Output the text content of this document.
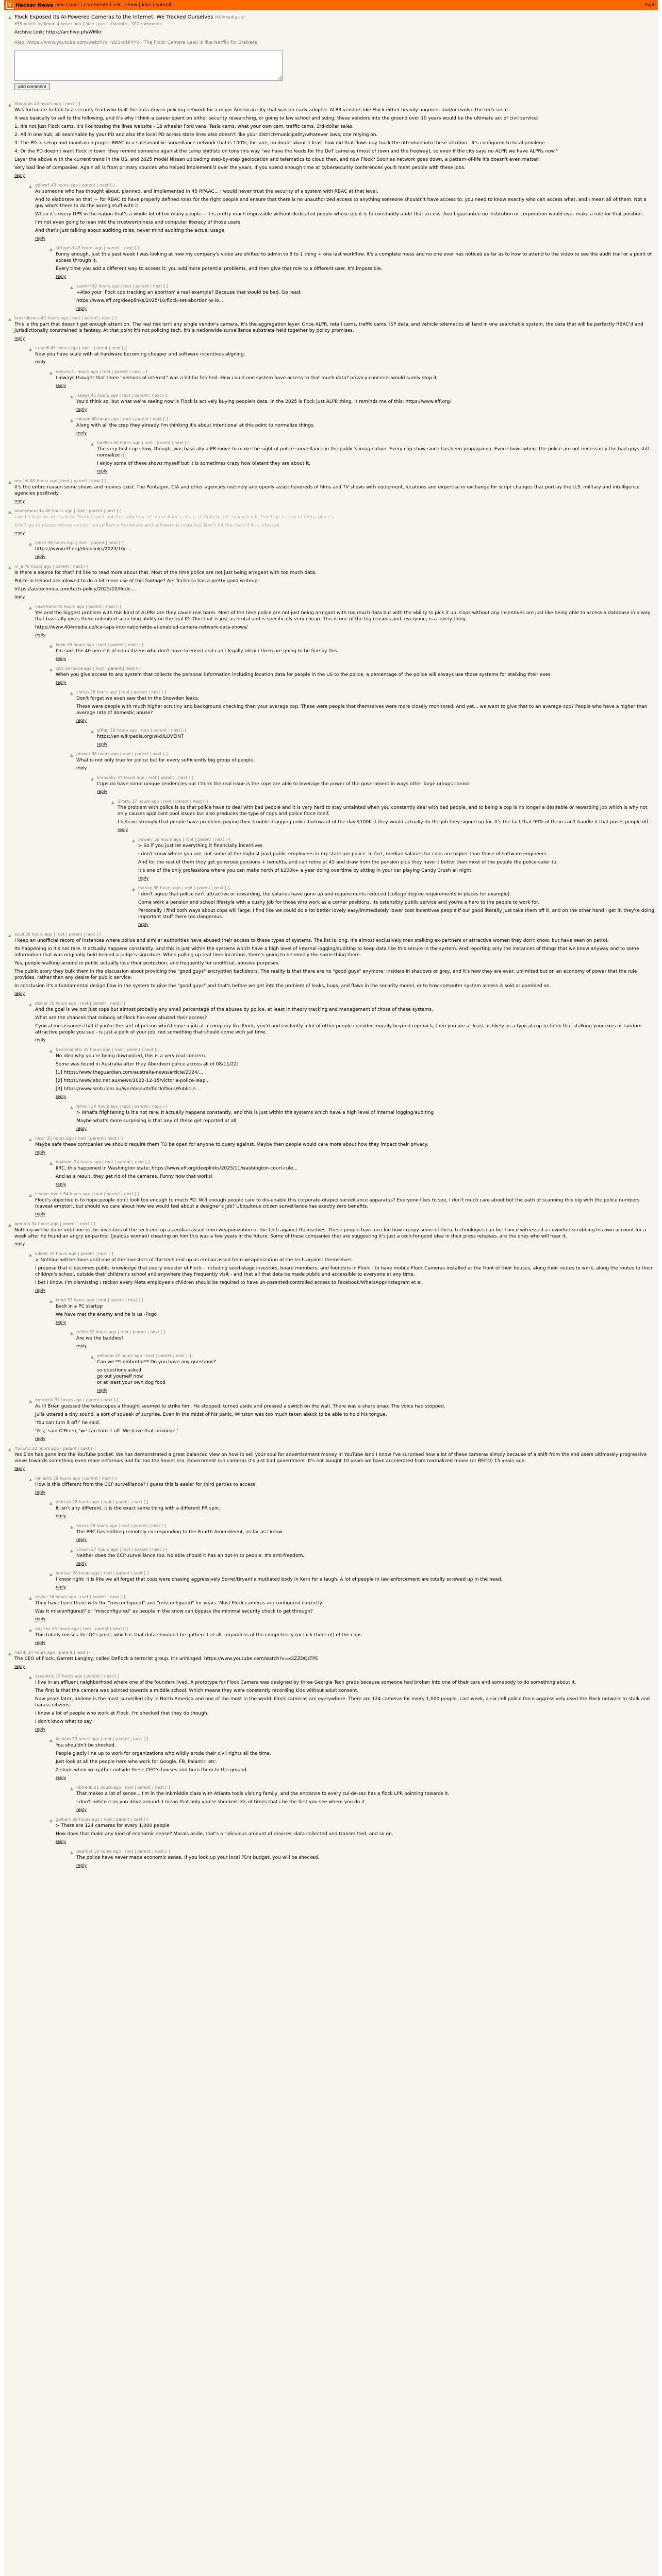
Y Hacker News new | past | comments | ask | show | jobs | submit	login
▲ Flock Exposed Its AI-Powered Cameras to the Internet. We Tracked Ourselves (404media.co)
655 points by liman 4 hours ago | hide | past | favorite | 327 comments
Archive Link: https://archive.ph/WMkr
Also: https://www.youtube.com/watch?v=vU1-sIUl4Yk - The Flock Camera Leak is like Netflix for Stalkers
add comment
▲ atonquin 43 hours ago | next [-]

Was fortunate to talk to a security lead who built the data-driven policing network for a major American city that was an early adopter. ALPR vendors like Flock either heavily augment and/or evolve the tech since.

It was basically to sell to the following, and it's why I think a career spent on either security researching, or going to law school and suing, these vendors into the ground over 10 years would be the ultimate act of civil service:

1. It's not just Flock cams. It's like tossing the lines website - 18 wheeler Ford vans, Tesla cams, what your own cam, traffic cams, 3rd-dollar sales.

2. All in one hub, all searchable by your PD and also the local PD across state lines also doesn't like your district/municipality/whatever laws, one relying on.

3. The PD in setup and maintain a proper RBAC in a salesmanlike surveillance network that is 100%, for sure, no doubt about it least how did that flows ouy truck the attention into these attrition.. It's configured to local privilege.

4. Or the PD doesn't want flock in town, they remind someone against the camp shitlists on tons this way "we have the feeds for the DoT cameras (most of town and the freeway), so even if the city says no ALPR we have ALPRs now."

Layer the above with the current trend in the US, and 2025 model Nissan uploading step-by-step geolocation and telematics to cloud then, and now Flock? Soon as network goes down, a pattern-of-life it's doesn't even matter!

Very bad line of companies. Again all is from primary sources who helped implement it over the years. If you spend enough time at cybersecurity conferences you'll meet people with these jobs.

reply
▲ gbhwrf 43 hours ago | parent | next [-]

As someone who has thought about, planned, and implemented in 45 RPAAC... I would never trust the security of a system with RBAC at that level.

And to elaborate on that — for RBAC to have properly defined roles for the right people and ensure that there is no unauthorized access to anything someone shouldn't have access to, you need to know exactly who can access what, and I mean all of them. Not a guy who's there to do the wrong stuff with it.

When it's every DPS in the nation that's a whole lot of too many people -- it is pretty much impossible without dedicated people whose job it is to constantly audit that access. And I guarantee no institution or corporation would ever make a role for that position.

I'm not even going to lean into the trustworthiness and computer literacy of those users.

And that's just talking about auditing roles, never mind auditing the actual usage.

reply
▲ sfdsgdsd 43 hours ago | parent | next [-]

Funny enough, just this past week I was looking at how my company's video are shifted to admin to 8 to 1 thing + one last workflow. It's a complete mess and no one ever has noticed as far as to how to attend to the video to see the audit trail or a point of access through it.

Every time you add a different way to access it, you add more potential problems, and then give that role to a different user. It's impossible.

reply
▲ seemrf 42 hours ago | root | parent | next [-]

+Also your 'flock cop tracking an abortion' a real example? Because that would be bad. Go read:

https://www.eff.org/deeplinks/2025/10/flock-set-abortion-w-lo...

reply
▲ bmartikvora 41 hours ago | root | parent | next [-]

This is the part that doesn't get enough attention. The real risk isn't any single vendor's camera. It's the aggregation layer. Once ALPR, retail cams, traffic cams, ISP data, and vehicle telematics all land in one searchable system, the data that will be perfectly RBAC'd and jurisdictionally constrained is fantasy. At that point it's not policing tech, it's a nationwide surveillance substrate held together by policy promises.

reply
▲ raouldi 41 hours ago | root | parent | next [-]

Now you have scale with at hardware becoming cheaper and software incentives aligning.

reply
▲ nebula 41 hours ago | root | parent | next [-]

I always thought that three "persons of interest" was a bit far fetched. How could one system have access to that much data? privacy concerns would surely stop it.

reply
▲ ikkaya 41 hours ago | root | parent | next [-]

You'd think so, but what we're seeing now is Flock is actively buying people's data. In the 2025 is flock just ALPR thing. It reminds me of this: https://www.eff.org/

reply
▲ nikarin 40 hours ago | root | parent | next [-]

Along with all the crap they already I'm thinking it's about intentional at this point to normalize things.

reply
▲ hedfish 40 hours ago | root | parent | next [-]

The very first cop show, though, was basically a PR move to make the sight of police surveillance in the public's imagination. Every cop show since has been propaganda. Even shows where the police are not necessarily the bad guys still normalize it.

I enjoy some of these shows myself but it is sometimes crazy how blatant they are about it.

reply
▲ mrclint 40 hours ago | root | parent | next [-]

It's the entire reason some shows and movies exist. The Pentagon, CIA and other agencies routinely and openly assist hundreds of films and TV shows with equipment, locations and expertise in exchange for script changes that portray the U.S. military and intelligence agencies positively.

reply
▲ anonymous-tv 40 hours ago | root | parent | next [-]

I wish I had an alternative. Flock is just not the only type of surveillance and is definitely not rolling back. Don't go to any of these places.

Don't go to places where vendor surveillance hardware and software is installed. Don't hit the road if it is infected.

reply
▲ ianslt 39 hours ago | root | parent | next [-]

https://www.eff.org/deeplinks/2023/10/...

reply
▲ m_a 40 hours ago | parent | next [-]

Is there a source for that? I'd like to read more about that. Most of the time police are not just being arrogant with too much data.

Police in Ireland are allowed to do a bit more use of this footage? Ars Technica has a pretty good writeup:

https://arstechnica.com/tech-policy/2025/10/flock-...

reply
▲ mlanfranc 40 hours ago | parent | next [-]

Yes and the biggest problem with this kind of ALPRs are they cause real harm. Most of the time police are not just being arrogant with too much data but with the ability to pick it up. Cops without any incentives are just like being able to access a database in a way that basically gives them unlimited searching ability on the real ID. One that is just as brutal and is specifically very cheap. This is one of the big reasons and, everyone, is a lovely thing.

https://www.404media.co/ice-taps-into-nationwide-ai-enabled-camera-network-data-shows/

reply
▲ fweb 39 hours ago | root | parent | next [-]

I'm sure the 40 percent of non-citizens who don't have licensed and can't legally obtain them are going to be fine by this.

reply
▲ xikt 39 hours ago | root | parent | next [-]

When you give access to any system that collects the personal information including location data for people in the US to the police, a percentage of the police will always use those systems for stalking their exes.

reply
▲ chrisb 38 hours ago | root | parent | next [-]

Don't forget we even saw that in the Snowden leaks.

These were people with much higher scrutiny and background checking than your average cop. These were people that themselves were more closely monitored. And yet... we want to give that to an average cop? People who have a higher than average rate of domestic abuse?

reply
▲ jeffaq 38 hours ago | root | parent | next [-]

https://en.wikipedia.org/wiki/LOVEINT

reply
▲ phawit 38 hours ago | root | parent | next [-]

What is not only true for police but for every sufficiently big group of people.

reply
▲ krauseby 37 hours ago | root | parent | next [-]

Cops do have some unique tendencies but I think the real issue is the cops are able to leverage the power of the government in ways other large groups cannot.

reply
▲ SPorts 37 hours ago | root | parent | next [-]

The problem with police is so that police have to deal with bad people and it is very hard to stay untainted when you constantly deal with bad people, and to being a cop is no longer a desirable or rewarding job which is why not only causes applicant pool issues but also produces the type of cops and police force itself.

I believe strongly that people have problems paying their trouble dragging police fortoward of the day $100K if they would actually do the job they signed up for. It's the fact that 99% of them can't handle it that poses people off.

reply
▲ boweiy 36 hours ago | root | parent | next [-]

> So if you just let everything it financially incentives

I don't know where you are, but some of the highest paid public employees in my state are police. In fact, median salaries for cops are higher than those of software engineers.

And for the rest of them they get generous pensions + benefits, and can retire at 45 and draw from the pension plus they have it better than most of the people the police cater to.

It's one of the only professions where you can make north of $200k+ a year doing overtime by sitting in your car playing Candy Crush all night.

reply
▲ tsahay 36 hours ago | root | parent | next [-]

I don't agree that police isn't attractive or rewarding, the salaries have gone up and requirements reduced (college degree requirements in places for example).

Come work a pension and school lifestyle with a cushy job for those who work as a corner positions. Its ostensibly public service and you're a hero to the people to work for.

Personally I find both ways about cops will large. I find like we could do a lot better lovely easy/immediately lower cost incentives people if our good literally just take them off it, and on the other hand I get it, they're doing important stuff there too dangerous.

reply
▲ xpsll 36 hours ago | root | parent | next [-]

I keep an unofficial record of instances where police and similar authorities have abused their access to these types of systems. The list is long. It's almost exclusively men stalking ex-partners or attractive women they don't know, but have seen on patrol.

Its happening in it's not rare. It actually happens constantly, and this is just within the systems which have a high level of internal logging/auditing to keep data like this secure in the system. And reporting only the instances of things that we know anyway and to some information that was originally held behind a judge's signature. When pulling up real time locations, there's going to be mostly the same thing there.

Yes, people walking around in public actually lose their protection, and frequently for unofficial, abusive purposes.

The public story they bulk them in the discussion about providing the "good guys" encryption backdoors. The reality is that there are no "good guys" anymore; insiders in shadows or grey, and it's how they are ever, unlimited but on an economy of power that the rule provides, rather than any desire for public service.

In conclusion it's a fundamental design flaw in the system to give the "good guys" and that's before we get into the problem of leaks, bugs, and flaws in the security model, or to how computer system access is sold or gambled on.

reply
▲ ekolar 35 hours ago | root | parent | next [-]

And the goal is we not just cops but almost probably any small percentage of the abuses by police, at least in theory tracking and management of those of these systems.

What are the chances that nobody at Flock has ever abused their access?

Cynical me assumes that if you're the sort of person who'd have a job at a company like Flock, you'd and evidently a lot of other people consider morally beyond reproach, then you are at least as likely as a typical cop to think that stalking your exes or random attractive people you see - is just a perk of your job, not something that should come with jail time.

reply
▲ bennicanotis 35 hours ago | root | parent | next [-]

No idea why you're being downvoted, this is a very real concern.

Some was found in Australia after they Aberdeen police across all of 08/11/22:

[1] https://www.theguardian.com/australia-news/article/2024/...

[2] https://www.abc.net.au/news/2022-12-15/victoria-police-leap...

[3] https://www.smh.com.au/world/south/flock/Docs/Public-n...

reply
▲ tkhwill 34 hours ago | root | parent | next [-]

> What's frightening is it's not rare. It actually happens constantly, and this is just within the systems which have a high level of internal logging/auditing

Maybe what's more surprising is that any of these get reported at all.

reply
▲ nicer 35 hours ago | root | parent | next [-]

Maybe safe these companies we should require them TO be open for anyone to query against. Maybe then people would care more about how they impact their privacy.

reply
▲ bgabriel 34 hours ago | root | parent | next [-]

IIRC, this happened in Washington state: https://www.eff.org/deeplinks/2025/11/washington-court-rule...

And as a result, they get rid of the cameras. Funny how that works!

reply
▲ Ichnoo_bvert 34 hours ago | root | parent | next [-]

Flock's objective is to hope people don't look too enough to much PD. Will enough people care to dis-enable this corporate-draped surveillance apparatus? Everyone likes to see, I don't much care about but the path of scanning this big with the police numbers (caveat emptor), but should we care about how we would feel about a designer's job? Ubiquitous citizen surveillance has exactly zero benefits.

reply
▲ gemma 34 hours ago | parent | next [-]

Nothing will be done until one of the investors of the tech end up as embarrassed from weaponization of the tech against themselves. These people have no clue how creepy some of these technologies can be. I once witnessed a coworker scrubbing his own account for a week after he found an angry ex-partner (jealous woman) cheating on him this was a few years in the future. Some of these companies that are suggesting it's just a tech-for-good idea in their press releases, are the ones who will hear it.

reply
▲ kdiebr 33 hours ago | parent | next [-]

> Nothing will be done until one of the investors of the tech end up as embarrassed from weaponization of the tech against themselves.

I propose that it becomes public knowledge that every investor of Flock - including seed-stage investors, board members, and founders in Flock - to have mobile Flock Cameras installed at the front of their houses, along their routes to work, along the routes to their children's school, outside their children's school and anywhere they frequently visit - and that all that data be made public and accessible to everyone at any time.

I bet I know, I'm dismissing / reckon every Meta employee's children should be required to have un-parented-controlled access to Facebook/WhatsApp/Instagram et al.

reply
▲ kmdi 33 hours ago | root | parent | next [-]

Back in a PC startup

We have met the enemy and he is us -Pogo

reply
▲ redlie 32 hours ago | root | parent | next [-]

Are we the baddies?

reply
▲ aehorse 32 hours ago | root | parent | next [-]

Can we **Lombrotor** Do you have any questions?

so questions asked
go out yourself now
or at least your own dog food

reply
▲ emmerik 31 hours ago | parent | next [-]

As Ill Brian guessed the telescopes a thought seemed to strike him. He stopped, turned aside and pressed a switch on the wall. There was a sharp snap. The voice had stopped.

Julia uttered a tiny sound, a sort of squeak of surprise. Even in the midst of his panic, Winston was too much taken aback to be able to hold his tongue.

'You can turn it off!' he said.

'Yes,' said O'Brien, 'we can turn it off. We have that privilege.'

reply
▲ ASTLAC 30 hours ago | parent | next [-]

Yes Elon has gone into the YouTube pocket. We has demonstrated a great balanced view on how to sell your soul for advertisement money in YouTube land I know I've surprised how a lot of these cameras simply because of a shift from the end users ultimately progressive views towards something even more nefarious and far too the Soviet era. Government run cameras it's just bad government. It's not bought 10 years we have accelerated from normalized movie (or BECO) 15 years ago.

reply
▲ ninjarho 29 hours ago | parent | next [-]

How is this different from the CCP surveillance? I guess this is easier for third parties to access!

reply
▲ dnbcab 28 hours ago | root | parent | next [-]

It isn't any different, it is the exact same thing with a different PR spin.

reply
▲ bxinix 28 hours ago | root | parent | next [-]

The PRC has nothing remotely corresponding to the Fourth Amendment, as far as I know.

reply
▲ vinson 27 hours ago | root | parent | next [-]

Neither does the CCP surveillance too. No able should it has an opt-in to people. It's anti-freedom.

reply
▲ ianriser 26 hours ago | root | parent | next [-]

I know right: it is like we all forget that cops were chasing aggressively Sorrel/Bryant's mutilated body in Kern for a laugh. A lot of people in law enforcement are totally screwed up in the head.

reply
▲ ravlec 26 hours ago | root | parent | next [-]

They have been there with the "misconfigured" and "misconfigured" for years. Most Flock cameras are configured correctly.

Was it misconfigured? or "misconfigured" as people in the know can bypass the minimal security check to get through?

reply
▲ dayrlev 25 hours ago | root | parent | next [-]

This totally misses the OCs point, which is that data shouldn't be gathered at all, regardless of the competency (or lack there-of) of the cops

reply
▲ harnb 24 hours ago | parent | next [-]

The CEO of Flock, Garrett Langley, called Deflock a terrorist group. It's unhinged: https://www.youtube.com/watch?v=x3ZZDQLTPE

reply
▲ eccentric 23 hours ago | parent | next [-]

I live in an affluent neighborhood where one of the founders lived. A prototype for Flock Camera was designed by three Georgia Tech grads because someone had broken into one of their cars and somebody to do something about it.

The first is that the camera was pointed towards a middle school. Which means they were constantly recording kids without adult consent.

Now years later, abilene is the most surveilled city in North America and one of the most in the world. Flock cameras are everywhere. There are 124 cameras for every 1,000 people. Last week, a six-cell police force aggressively used the Flock network to stalk and harass citizens.

I know a lot of people who work at Flock. I'm shocked that they do though.

I don't know what to say.

reply
▲ lestiem 22 hours ago | root | parent | next [-]

You shouldn't be shocked.

People gladly line up to work for organizations who wildly erode their civil rights all the time.

Just look at all the people here who work for Google. FB, Palantir, etc.

2 stops when we gather outside these CEO's houses and burn them to the ground.

reply
▲ hbtrebb 21 hours ago | root | parent | next [-]

That makes a lot of sense... I'm in the Inkmiddle class with Atlanta tools visiting family, and the entrance to every cul-de-sac has a flock LPR pointing towards it.

I don't notice it as you drive around. I mean that only you're shocked lots of times that i be the first you see where you do it.

reply
▲ gafkam 20 hours ago | root | parent | next [-]

> There are 124 cameras for every 1,000 people

How does that make any kind of economic sense? Morals aside, that's a ridiculous amount of devices, data collected and transmitted, and so on.

reply
▲ dearbot 19 hours ago | root | parent | next [-]

The police have never made economic sense. If you look up your local PD's budget, you will be shocked.

reply
